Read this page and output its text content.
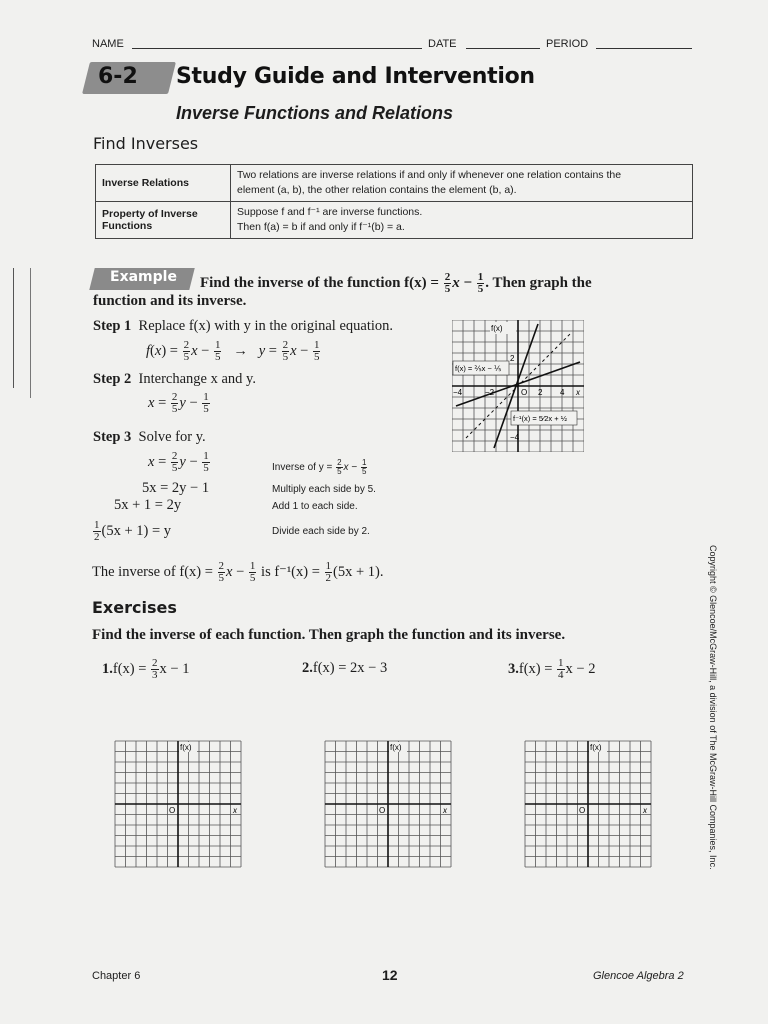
NAME	DATE	PERIOD
6-2 Study Guide and Intervention
Inverse Functions and Relations
Find Inverses
Inverse Relations	Two relations are inverse relations if and only if whenever one relation contains the
element (a, b), the other relation contains the element (b, a).
Property of Inverse
Functions	Suppose f and f⁻¹ are inverse functions.
Then f(a) = b if and only if f⁻¹(b) = a.
Example Find the inverse of the function $f(x) = \frac{2}{5}$ $x - \frac{1}{5}$ . Then graph the
function and its inverse.
Step 1 Replace f(x) with y in the original equation.
$f(x) = \frac{2}{5}$ $x - \frac{1}{5} \to y = \frac{2}{5}$ $x - \frac{1}{5}$
Step 2 Interchange x and y.
$x = \frac{2}{5}$ $y - \frac{1}{5}$
Step 3 Solve for y.
$x = \frac{2}{5}$ $y - \frac{1}{5}$	Inverse of $y = \frac{2}{5}$ $x - \frac{1}{5}$
5x = 2y − 1	Multiply each side by 5.
5x + 1 = 2y	Add 1 to each side.
$\frac{1}{2} (5x + 1) = y$	Divide each side by 2.
The inverse of $f(x) = \frac{2}{5}$ $x - \frac{1}{5}$ is $f^{-1}(x) = \frac{1}{2} (5x + 1)$.
f(x)
2
O 2 4 x
−4	−2
−4
f(x) = ⅖x − ⅕
f⁻¹(x) = 5⁄2x + ½
Exercises
Find the inverse of each function. Then graph the function and its inverse.
$1.f(x) = \frac{2}{3}$ x − 1	2.f(x) = 2x − 3	$3.f(x) = \frac{1}{4}$ x − 2
f(x)
O	x
f(x)
O	x
f(x)
O	x	Copyright © Glencoe/McGraw-Hill, a division of The McGraw-Hill Companies, Inc.
Chapter 6	12	Glencoe Algebra 2
